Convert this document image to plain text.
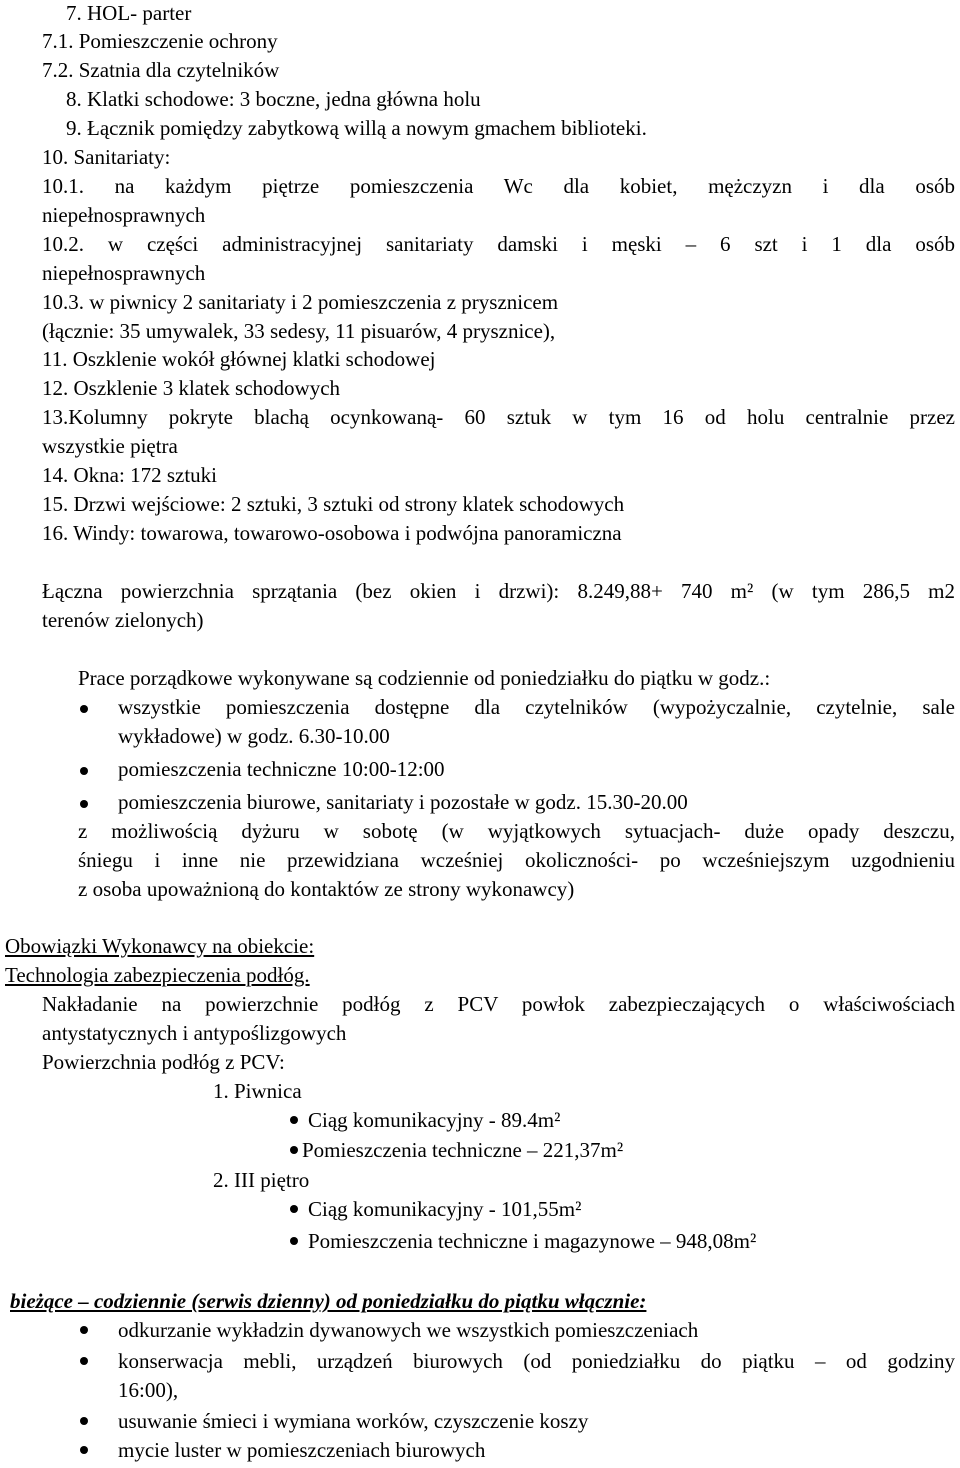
7. HOL- parter
7.1. Pomieszczenie ochrony
7.2. Szatnia dla czytelników
8. Klatki schodowe: 3 boczne, jedna główna holu
9. Łącznik pomiędzy zabytkową willą a nowym gmachem biblioteki.
10. Sanitariaty:
10.1. na każdym piętrze pomieszczenia Wc dla kobiet, mężczyzn i dla osób
niepełnosprawnych
10.2. w części administracyjnej sanitariaty damski i męski – 6 szt i 1 dla osób
niepełnosprawnych
10.3. w piwnicy 2 sanitariaty i 2 pomieszczenia z prysznicem
(łącznie: 35 umywalek, 33 sedesy, 11 pisuarów, 4 prysznice),
11. Oszklenie wokół głównej klatki schodowej
12. Oszklenie 3 klatek schodowych
13.Kolumny pokryte blachą ocynkowaną- 60 sztuk w tym 16 od holu centralnie przez
wszystkie piętra
14. Okna: 172 sztuki
15. Drzwi wejściowe: 2 sztuki, 3 sztuki od strony klatek schodowych
16. Windy: towarowa, towarowo-osobowa i podwójna panoramiczna
Łączna powierzchnia sprzątania (bez okien i drzwi): 8.249,88+ 740 m² (w tym 286,5 m2
terenów zielonych)
Prace porządkowe wykonywane są codziennie od poniedziałku do piątku w godz.:
wszystkie pomieszczenia dostępne dla czytelników (wypożyczalnie, czytelnie, sale
wykładowe) w godz. 6.30-10.00
pomieszczenia techniczne 10:00-12:00
pomieszczenia biurowe, sanitariaty i pozostałe w godz. 15.30-20.00
z możliwością dyżuru w sobotę (w wyjątkowych sytuacjach- duże opady deszczu,
śniegu i inne nie przewidziana wcześniej okoliczności- po wcześniejszym uzgodnieniu
z osoba upoważnioną do kontaktów ze strony wykonawcy)
Obowiązki Wykonawcy na obiekcie:
Technologia zabezpieczenia podłóg.
Nakładanie na powierzchnie podłóg z PCV powłok zabezpieczających o właściwościach
antystatycznych i antypoślizgowych
Powierzchnia podłóg z PCV:
1. Piwnica
Ciąg komunikacyjny - 89.4m²
Pomieszczenia techniczne – 221,37m²
2. III piętro
Ciąg komunikacyjny - 101,55m²
Pomieszczenia techniczne i magazynowe – 948,08m²
bieżące – codziennie (serwis dzienny) od poniedziałku do piątku włącznie:
odkurzanie wykładzin dywanowych we wszystkich pomieszczeniach
konserwacja mebli, urządzeń biurowych (od poniedziałku do piątku – od godziny
16:00),
usuwanie śmieci i wymiana worków, czyszczenie koszy
mycie luster w pomieszczeniach biurowych
